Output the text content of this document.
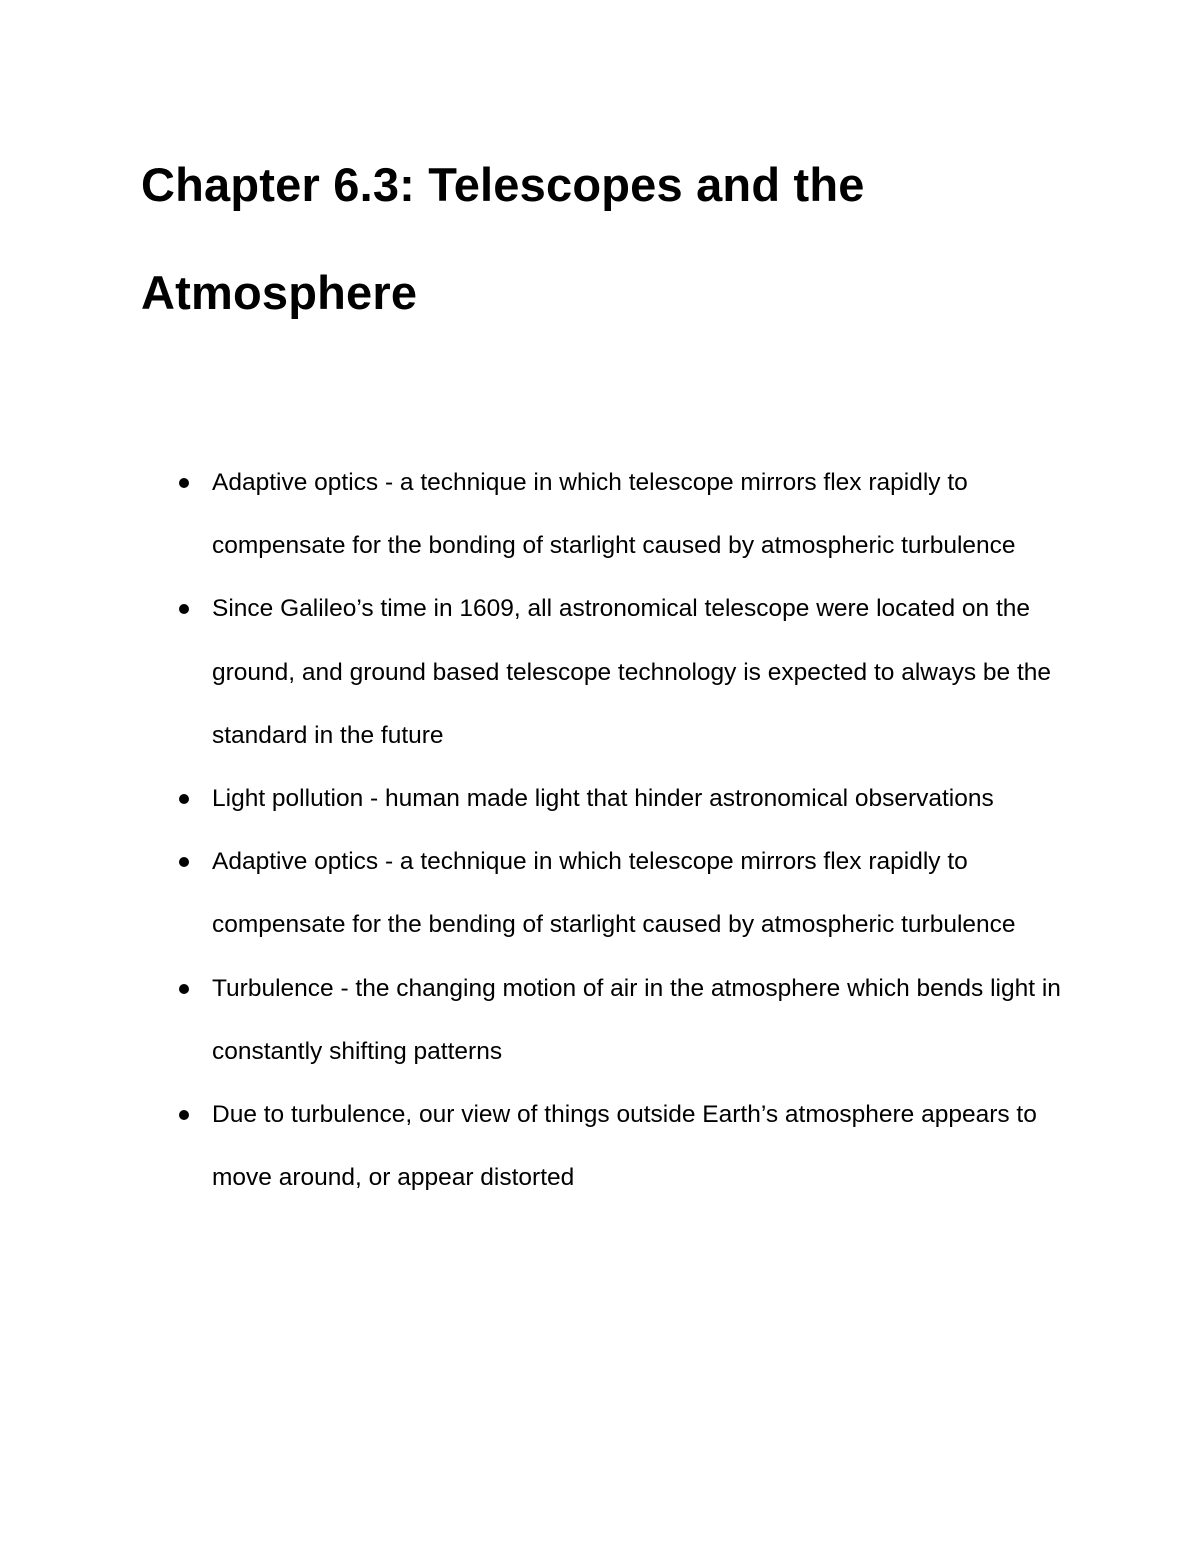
Chapter 6.3: Telescopes and the Atmosphere
Adaptive optics - a technique in which telescope mirrors flex rapidly to compensate for the bonding of starlight caused by atmospheric turbulence
Since Galileo’s time in 1609, all astronomical telescope were located on the ground, and ground based telescope technology is expected to always be the standard in the future
Light pollution - human made light that hinder astronomical observations
Adaptive optics - a technique in which telescope mirrors flex rapidly to compensate for the bending of starlight caused by atmospheric turbulence
Turbulence - the changing motion of air in the atmosphere which bends light in constantly shifting patterns
Due to turbulence, our view of things outside Earth’s atmosphere appears to move around, or appear distorted
